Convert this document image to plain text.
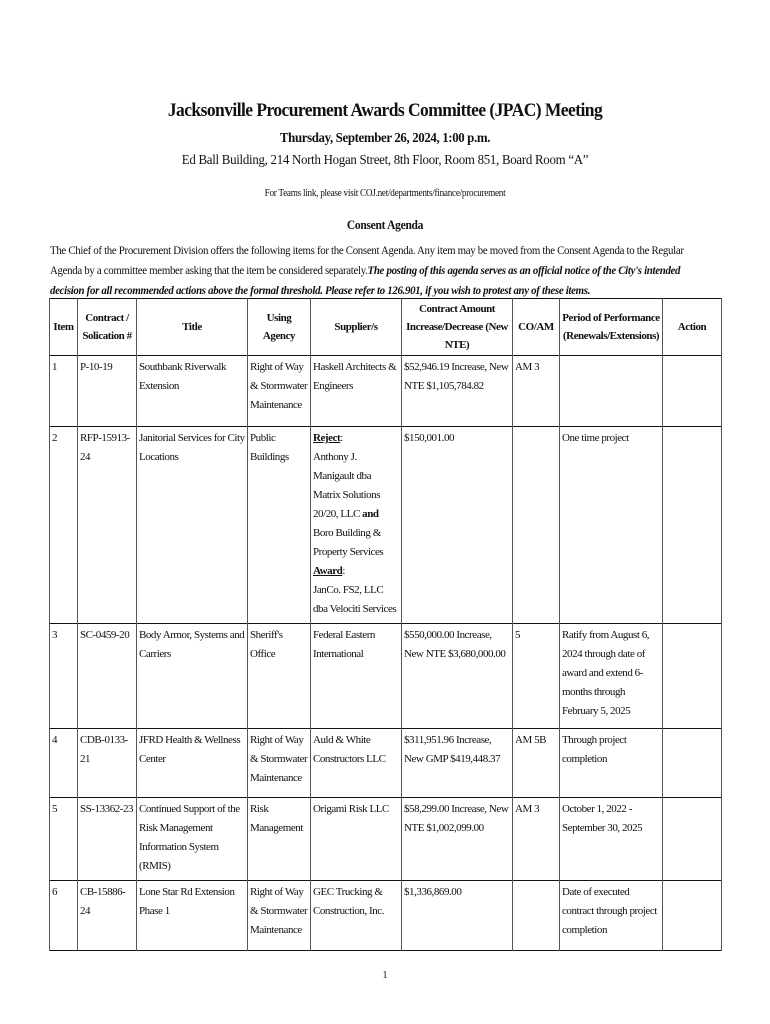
Jacksonville Procurement Awards Committee (JPAC) Meeting
Thursday, September 26, 2024, 1:00 p.m.
Ed Ball Building, 214 North Hogan Street, 8th Floor, Room 851, Board Room “A”
For Teams link, please visit COJ.net/departments/finance/procurement
Consent Agenda
The Chief of the Procurement Division offers the following items for the Consent Agenda. Any item may be moved from the Consent Agenda to the Regular Agenda by a committee member asking that the item be considered separately.The posting of this agenda serves as an official notice of the City's intended decision for all recommended actions above the formal threshold. Please refer to 126.901, if you wish to protest any of these items.
Item	Contract / Solication #	Title	Using Agency	Supplier/s	Contract Amount Increase/Decrease (New NTE)	CO/AM	Period of Performance (Renewals/Extensions)	Action
1	P-10-19	Southbank Riverwalk Extension	Right of Way & Stormwater Maintenance	Haskell Architects & Engineers	$52,946.19 Increase, New NTE $1,105,784.82	AM 3		
2	RFP-15913-24	Janitorial Services for City Locations	Public Buildings	Reject:
Anthony J. Manigault dba Matrix Solutions 20/20, LLC and Boro Building & Property Services
Award:
JanCo. FS2, LLC dba Velociti Services	$150,001.00		One time project	
3	SC-0459-20	Body Armor, Systems and Carriers	Sheriff's Office	Federal Eastern International	$550,000.00 Increase, New NTE $3,680,000.00	5	Ratify from August 6, 2024 through date of award and extend 6-months through February 5, 2025	
4	CDB-0133-21	JFRD Health & Wellness Center	Right of Way & Stormwater Maintenance	Auld & White Constructors LLC	$311,951.96 Increase, New GMP $419,448.37	AM 5B	Through project completion	
5	SS-13362-23	Continued Support of the Risk Management Information System (RMIS)	Risk Management	Origami Risk LLC	$58,299.00 Increase, New NTE $1,002,099.00	AM 3	October 1, 2022 - September 30, 2025	
6	CB-15886-24	Lone Star Rd Extension Phase 1	Right of Way & Stormwater Maintenance	GEC Trucking & Construction, Inc.	$1,336,869.00		Date of executed contract through project completion	
1
